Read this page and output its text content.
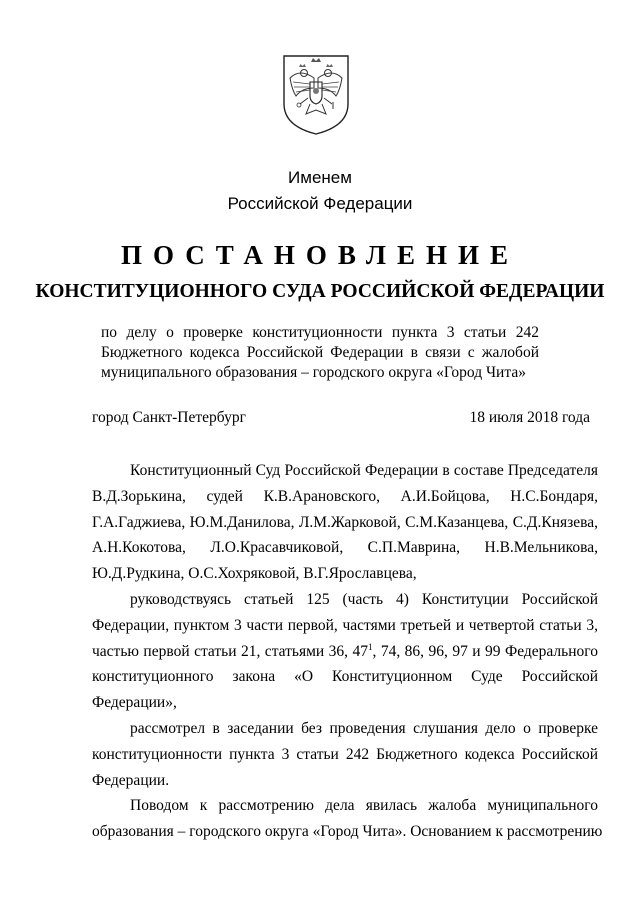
Именем
Российской Федерации
ПОСТАНОВЛЕНИЕ
КОНСТИТУЦИОННОГО СУДА РОССИЙСКОЙ ФЕДЕРАЦИИ
по делу о проверке конституционности пункта 3 статьи 242
Бюджетного кодекса Российской Федерации в связи с жалобой
муниципального образования – городского округа «Город Чита»
город Санкт-Петербург	18 июля 2018 года
Конституционный Суд Российской Федерации в составе Председателя
В.Д.Зорькина, судей К.В.Арановского, А.И.Бойцова, Н.С.Бондаря,
Г.А.Гаджиева, Ю.М.Данилова, Л.М.Жарковой, С.М.Казанцева, С.Д.Князева,
А.Н.Кокотова, Л.О.Красавчиковой, С.П.Маврина, Н.В.Мельникова,
Ю.Д.Рудкина, О.С.Хохряковой, В.Г.Ярославцева,
руководствуясь статьей 125 (часть 4) Конституции Российской
Федерации, пунктом 3 части первой, частями третьей и четвертой статьи 3,
частью первой статьи 21, статьями 36, $47^1$, 74, 86, 96, 97 и 99 Федерального
конституционного закона «О Конституционном Суде Российской
Федерации»,
рассмотрел в заседании без проведения слушания дело о проверке
конституционности пункта 3 статьи 242 Бюджетного кодекса Российской
Федерации.
Поводом к рассмотрению дела явилась жалоба муниципального
образования – городского округа «Город Чита». Основанием к рассмотрению
